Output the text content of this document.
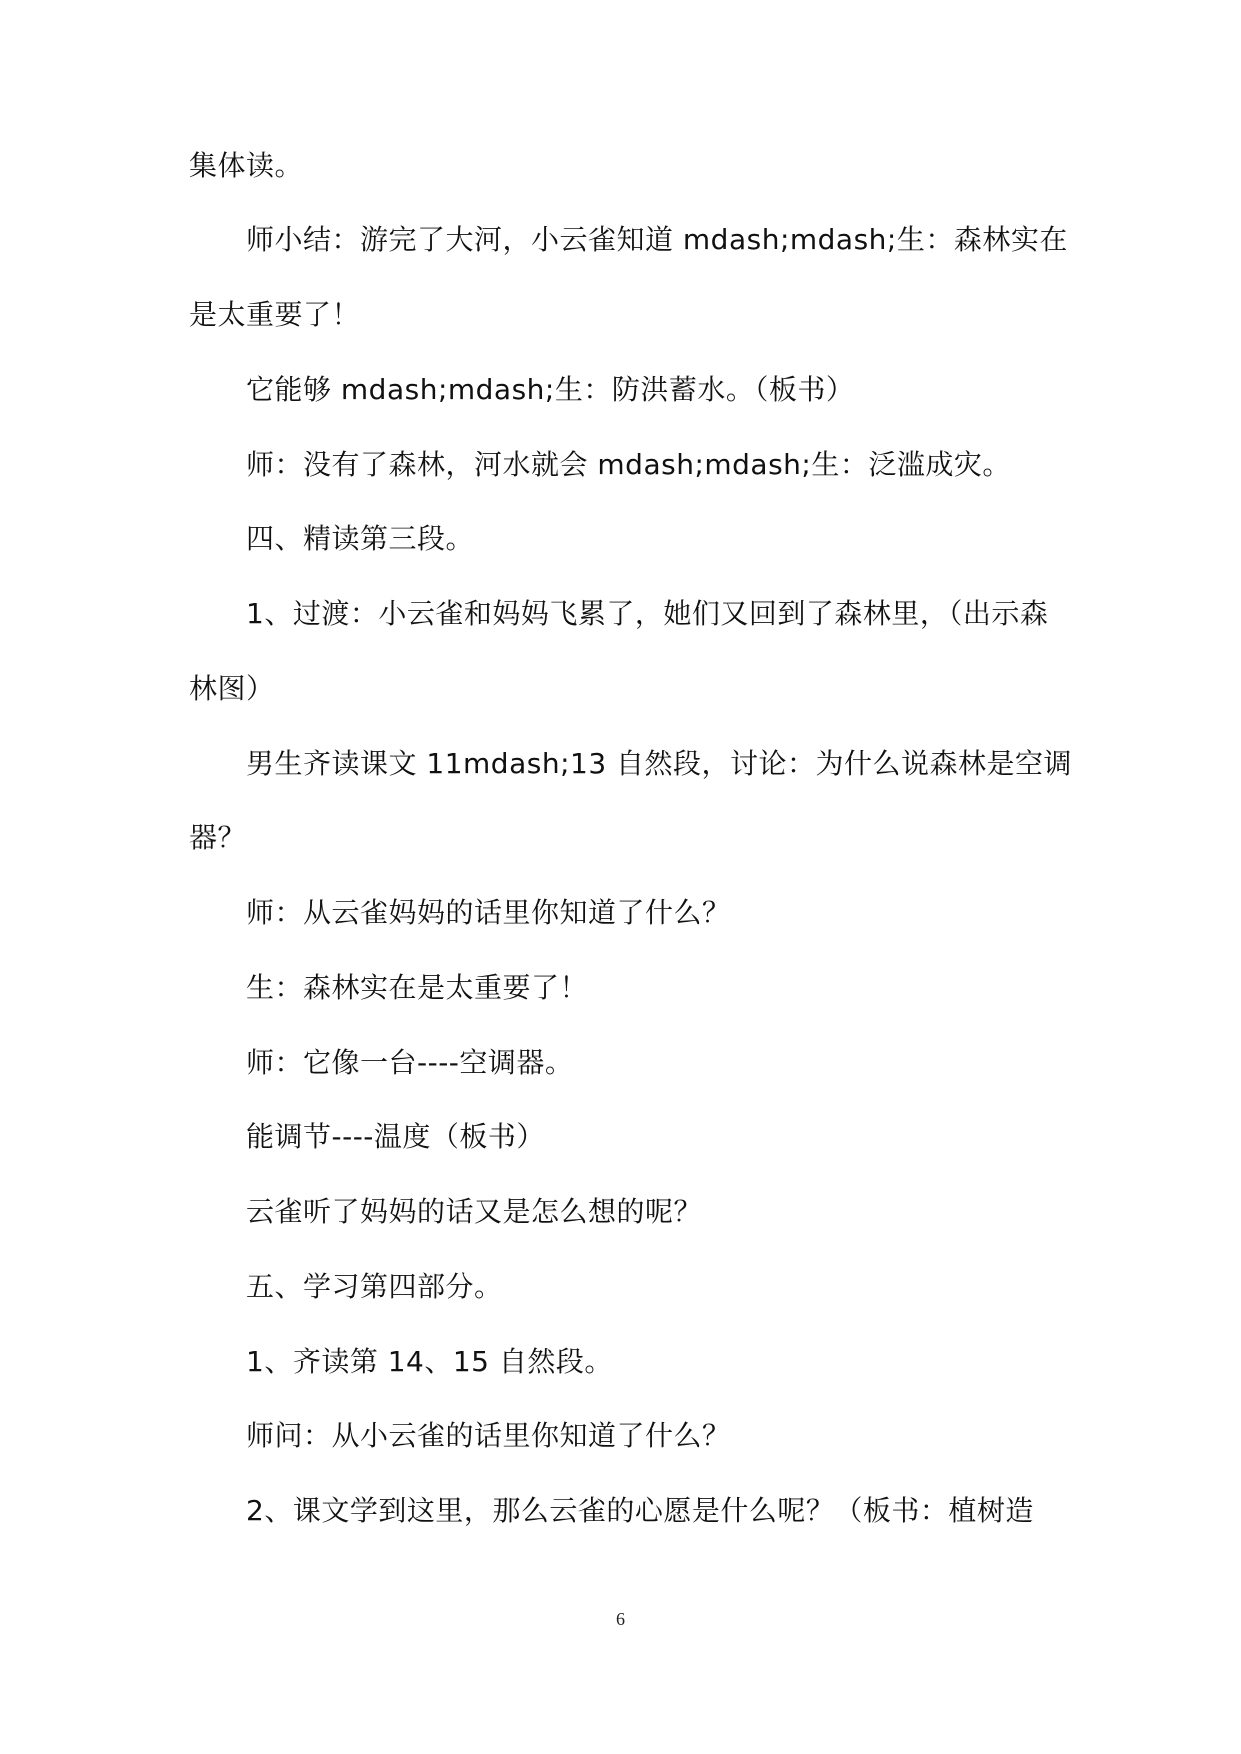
集体读。
师小结：游完了大河，小云雀知道 mdash;mdash;生：森林实在
是太重要了！
它能够 mdash;mdash;生：防洪蓄水。（板书）
师：没有了森林，河水就会 mdash;mdash;生：泛滥成灾。
四、精读第三段。
1、过渡：小云雀和妈妈飞累了，她们又回到了森林里，（出示森
林图）
男生齐读课文 11mdash;13 自然段，讨论：为什么说森林是空调
器？
师：从云雀妈妈的话里你知道了什么？
生：森林实在是太重要了！
师：它像一台----空调器。
能调节----温度（板书）
云雀听了妈妈的话又是怎么想的呢？
五、学习第四部分。
1、齐读第 14、15 自然段。
师问：从小云雀的话里你知道了什么？
2、课文学到这里，那么云雀的心愿是什么呢？（板书：植树造
6
